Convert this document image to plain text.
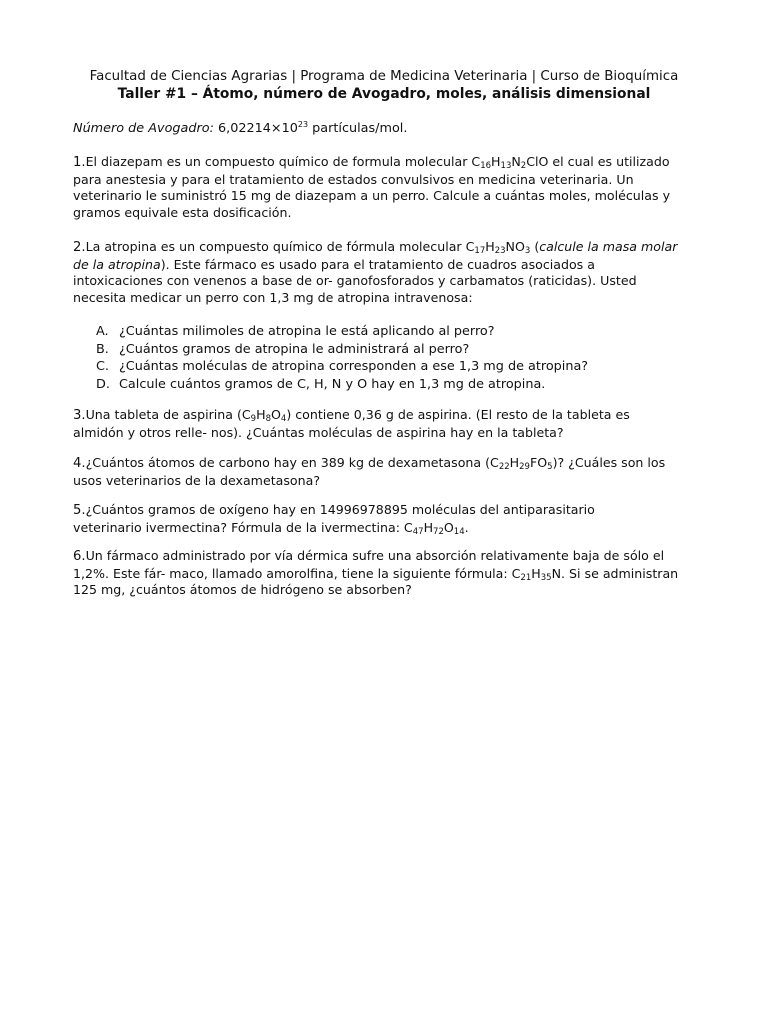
Facultad de Ciencias Agrarias | Programa de Medicina Veterinaria | Curso de Bioquímica
Taller #1 – Átomo, número de Avogadro, moles, análisis dimensional
Número de Avogadro: $6,02214\times 10^{23}$ partículas/mol.

1.El diazepam es un compuesto químico de formula molecular $C_{16}H_{13}N_2ClO$ el cual es utilizado

para anestesia y para el tratamiento de estados convulsivos en medicina veterinaria. Un

veterinario le suministró 15 mg de diazepam a un perro. Calcule a cuántas moles, moléculas y

gramos equivale esta dosificación.

2.La atropina es un compuesto químico de fórmula molecular $C_{17}H_{23}NO_3$ (calcule la masa molar

de la atropina). Este fármaco es usado para el tratamiento de cuadros asociados a

intoxicaciones con venenos a base de or- ganofosforados y carbamatos (raticidas). Usted

necesita medicar un perro con 1,3 mg de atropina intravenosa:

A. ¿Cuántas milimoles de atropina le está aplicando al perro?
B. ¿Cuántos gramos de atropina le administrará al perro?
C. ¿Cuántas moléculas de atropina corresponden a ese 1,3 mg de atropina?
D. Calcule cuántos gramos de C, H, N y O hay en 1,3 mg de atropina.

3.Una tableta de aspirina $(C_9H_8O_4)$ contiene 0,36 g de aspirina. (El resto de la tableta es

almidón y otros relle- nos). ¿Cuántas moléculas de aspirina hay en la tableta?

4.¿Cuántos átomos de carbono hay en 389 kg de dexametasona $(C_{22}H_{29}FO_5)$? ¿Cuáles son los

usos veterinarios de la dexametasona?

5.¿Cuántos gramos de oxígeno hay en 14996978895 moléculas del antiparasitario

veterinario ivermectina? Fórmula de la ivermectina: $C_{47}H_{72}O_{14}$.

6.Un fármaco administrado por vía dérmica sufre una absorción relativamente baja de sólo el

1,2%. Este fár- maco, llamado amorolfina, tiene la siguiente fórmula: $C_{21}H_{35}N$. Si se administran

125 mg, ¿cuántos átomos de hidrógeno se absorben?
